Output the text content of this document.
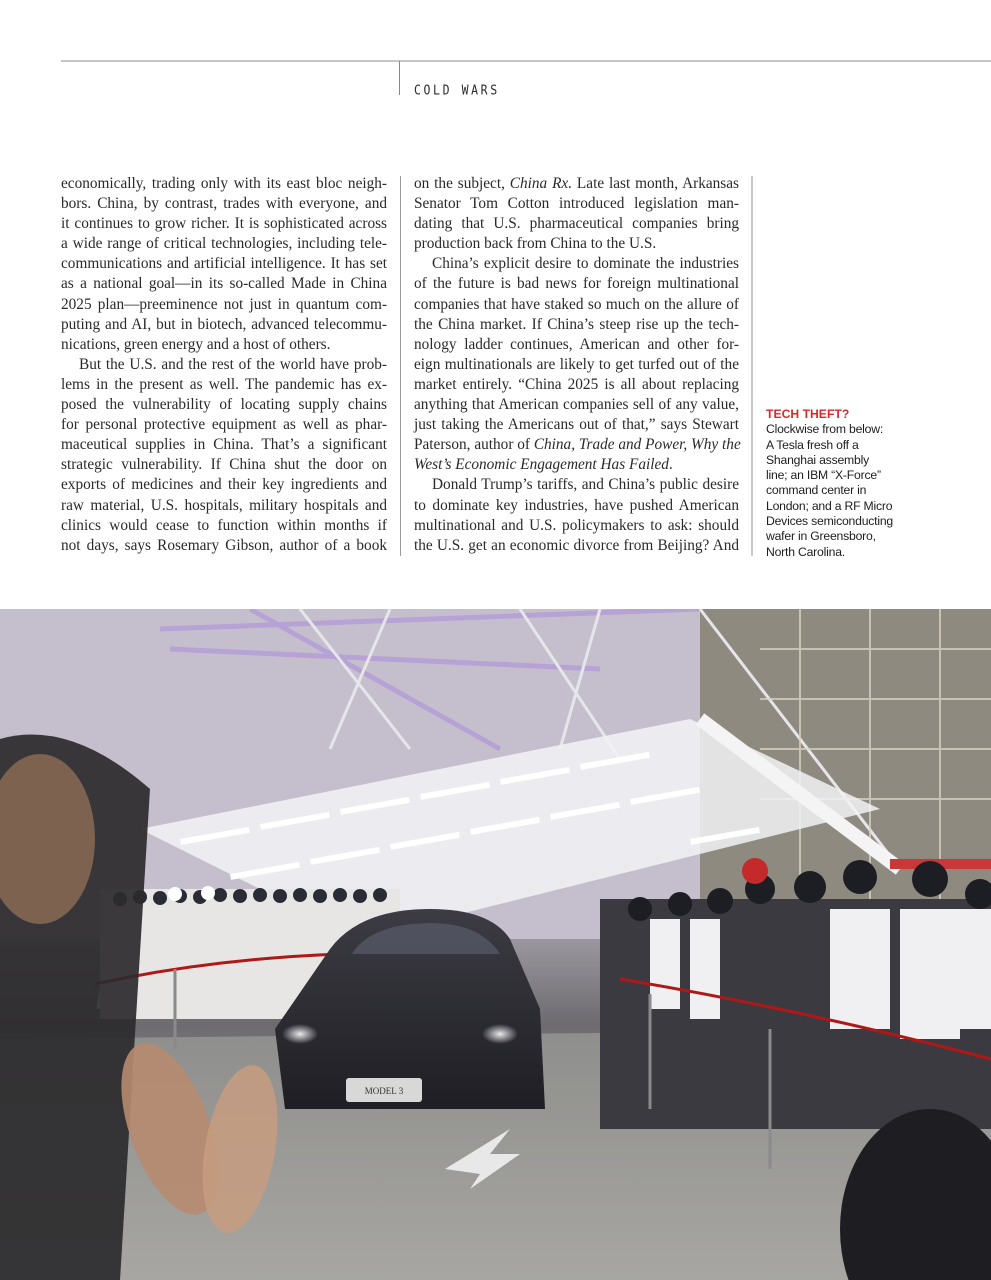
COLD WARS
economically, trading only with its east bloc neigh-
bors. China, by contrast, trades with everyone, and
it continues to grow richer. It is sophisticated across
a wide range of critical technologies, including tele-
communications and artificial intelligence. It has set
as a national goal—in its so-called Made in China
2025 plan—preeminence not just in quantum com-
puting and AI, but in biotech, advanced telecommu-
nications, green energy and a host of others.
But the U.S. and the rest of the world have prob-
lems in the present as well. The pandemic has ex-
posed the vulnerability of locating supply chains
for personal protective equipment as well as phar-
maceutical supplies in China. That’s a significant
strategic vulnerability. If China shut the door on
exports of medicines and their key ingredients and
raw material, U.S. hospitals, military hospitals and
clinics would cease to function within months if
not days, says Rosemary Gibson, author of a book
on the subject, China Rx. Late last month, Arkansas
Senator Tom Cotton introduced legislation man-
dating that U.S. pharmaceutical companies bring
production back from China to the U.S.
China’s explicit desire to dominate the industries
of the future is bad news for foreign multinational
companies that have staked so much on the allure of
the China market. If China’s steep rise up the tech-
nology ladder continues, American and other for-
eign multinationals are likely to get turfed out of the
market entirely. “China 2025 is all about replacing
anything that American companies sell of any value,
just taking the Americans out of that,” says Stewart
Paterson, author of China, Trade and Power, Why the
West’s Economic Engagement Has Failed.
Donald Trump’s tariffs, and China’s public desire
to dominate key industries, have pushed American
multinational and U.S. policymakers to ask: should
the U.S. get an economic divorce from Beijing? And
TECH THEFT?
Clockwise from below:
A Tesla fresh off a
Shanghai assembly
line; an IBM “X-Force”
command center in
London; and a RF Micro
Devices semiconducting
wafer in Greensboro,
North Carolina.
MODEL 3
